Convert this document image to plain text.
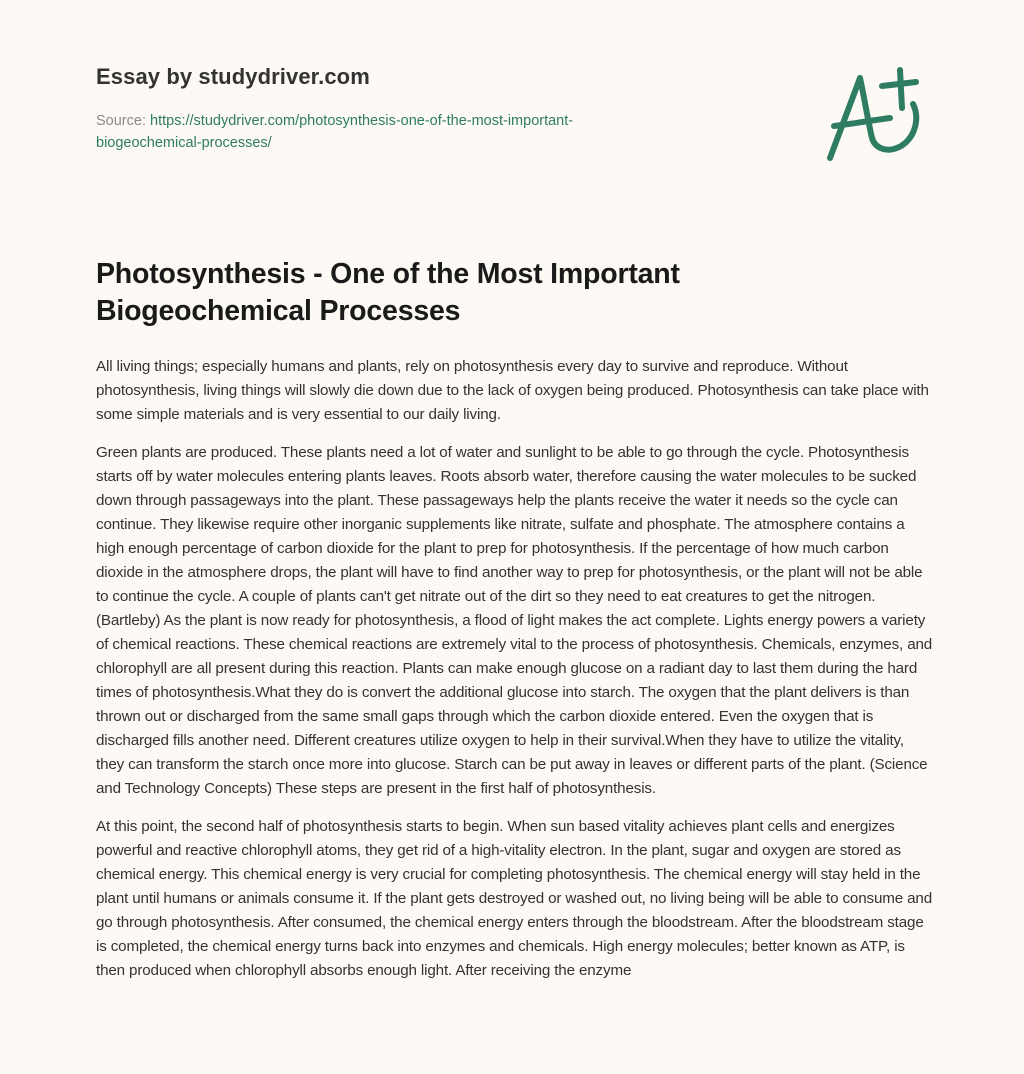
Essay by studydriver.com
Source: https://studydriver.com/photosynthesis-one-of-the-most-important-
biogeochemical-processes/
Photosynthesis - One of the Most Important
Biogeochemical Processes

All living things; especially humans and plants, rely on photosynthesis every day to survive and reproduce. Without photosynthesis, living things will slowly die down due to the lack of oxygen being produced. Photosynthesis can take place with some simple materials and is very essential to our daily living.

Green plants are produced. These plants need a lot of water and sunlight to be able to go through the cycle. Photosynthesis starts off by water molecules entering plants leaves. Roots absorb water, therefore causing the water molecules to be sucked down through passageways into the plant. These passageways help the plants receive the water it needs so the cycle can continue. They likewise require other inorganic supplements like nitrate, sulfate and phosphate. The atmosphere contains a high enough percentage of carbon dioxide for the plant to prep for photosynthesis. If the percentage of how much carbon dioxide in the atmosphere drops, the plant will have to find another way to prep for photosynthesis, or the plant will not be able to continue the cycle. A couple of plants can't get nitrate out of the dirt so they need to eat creatures to get the nitrogen. (Bartleby) As the plant is now ready for photosynthesis, a flood of light makes the act complete. Lights energy powers a variety of chemical reactions. These chemical reactions are extremely vital to the process of photosynthesis. Chemicals, enzymes, and chlorophyll are all present during this reaction. Plants can make enough glucose on a radiant day to last them during the hard times of photosynthesis.What they do is convert the additional glucose into starch. The oxygen that the plant delivers is than thrown out or discharged from the same small gaps through which the carbon dioxide entered. Even the oxygen that is discharged fills another need. Different creatures utilize oxygen to help in their survival.When they have to utilize the vitality, they can transform the starch once more into glucose. Starch can be put away in leaves or different parts of the plant. (Science and Technology Concepts) These steps are present in the first half of photosynthesis.

At this point, the second half of photosynthesis starts to begin. When sun based vitality achieves plant cells and energizes powerful and reactive chlorophyll atoms, they get rid of a high-vitality electron. In the plant, sugar and oxygen are stored as chemical energy. This chemical energy is very crucial for completing photosynthesis. The chemical energy will stay held in the plant until humans or animals consume it. If the plant gets destroyed or washed out, no living being will be able to consume and go through photosynthesis. After consumed, the chemical energy enters through the bloodstream. After the bloodstream stage is completed, the chemical energy turns back into enzymes and chemicals. High energy molecules; better known as ATP, is then produced when chlorophyll absorbs enough light. After receiving the enzyme
